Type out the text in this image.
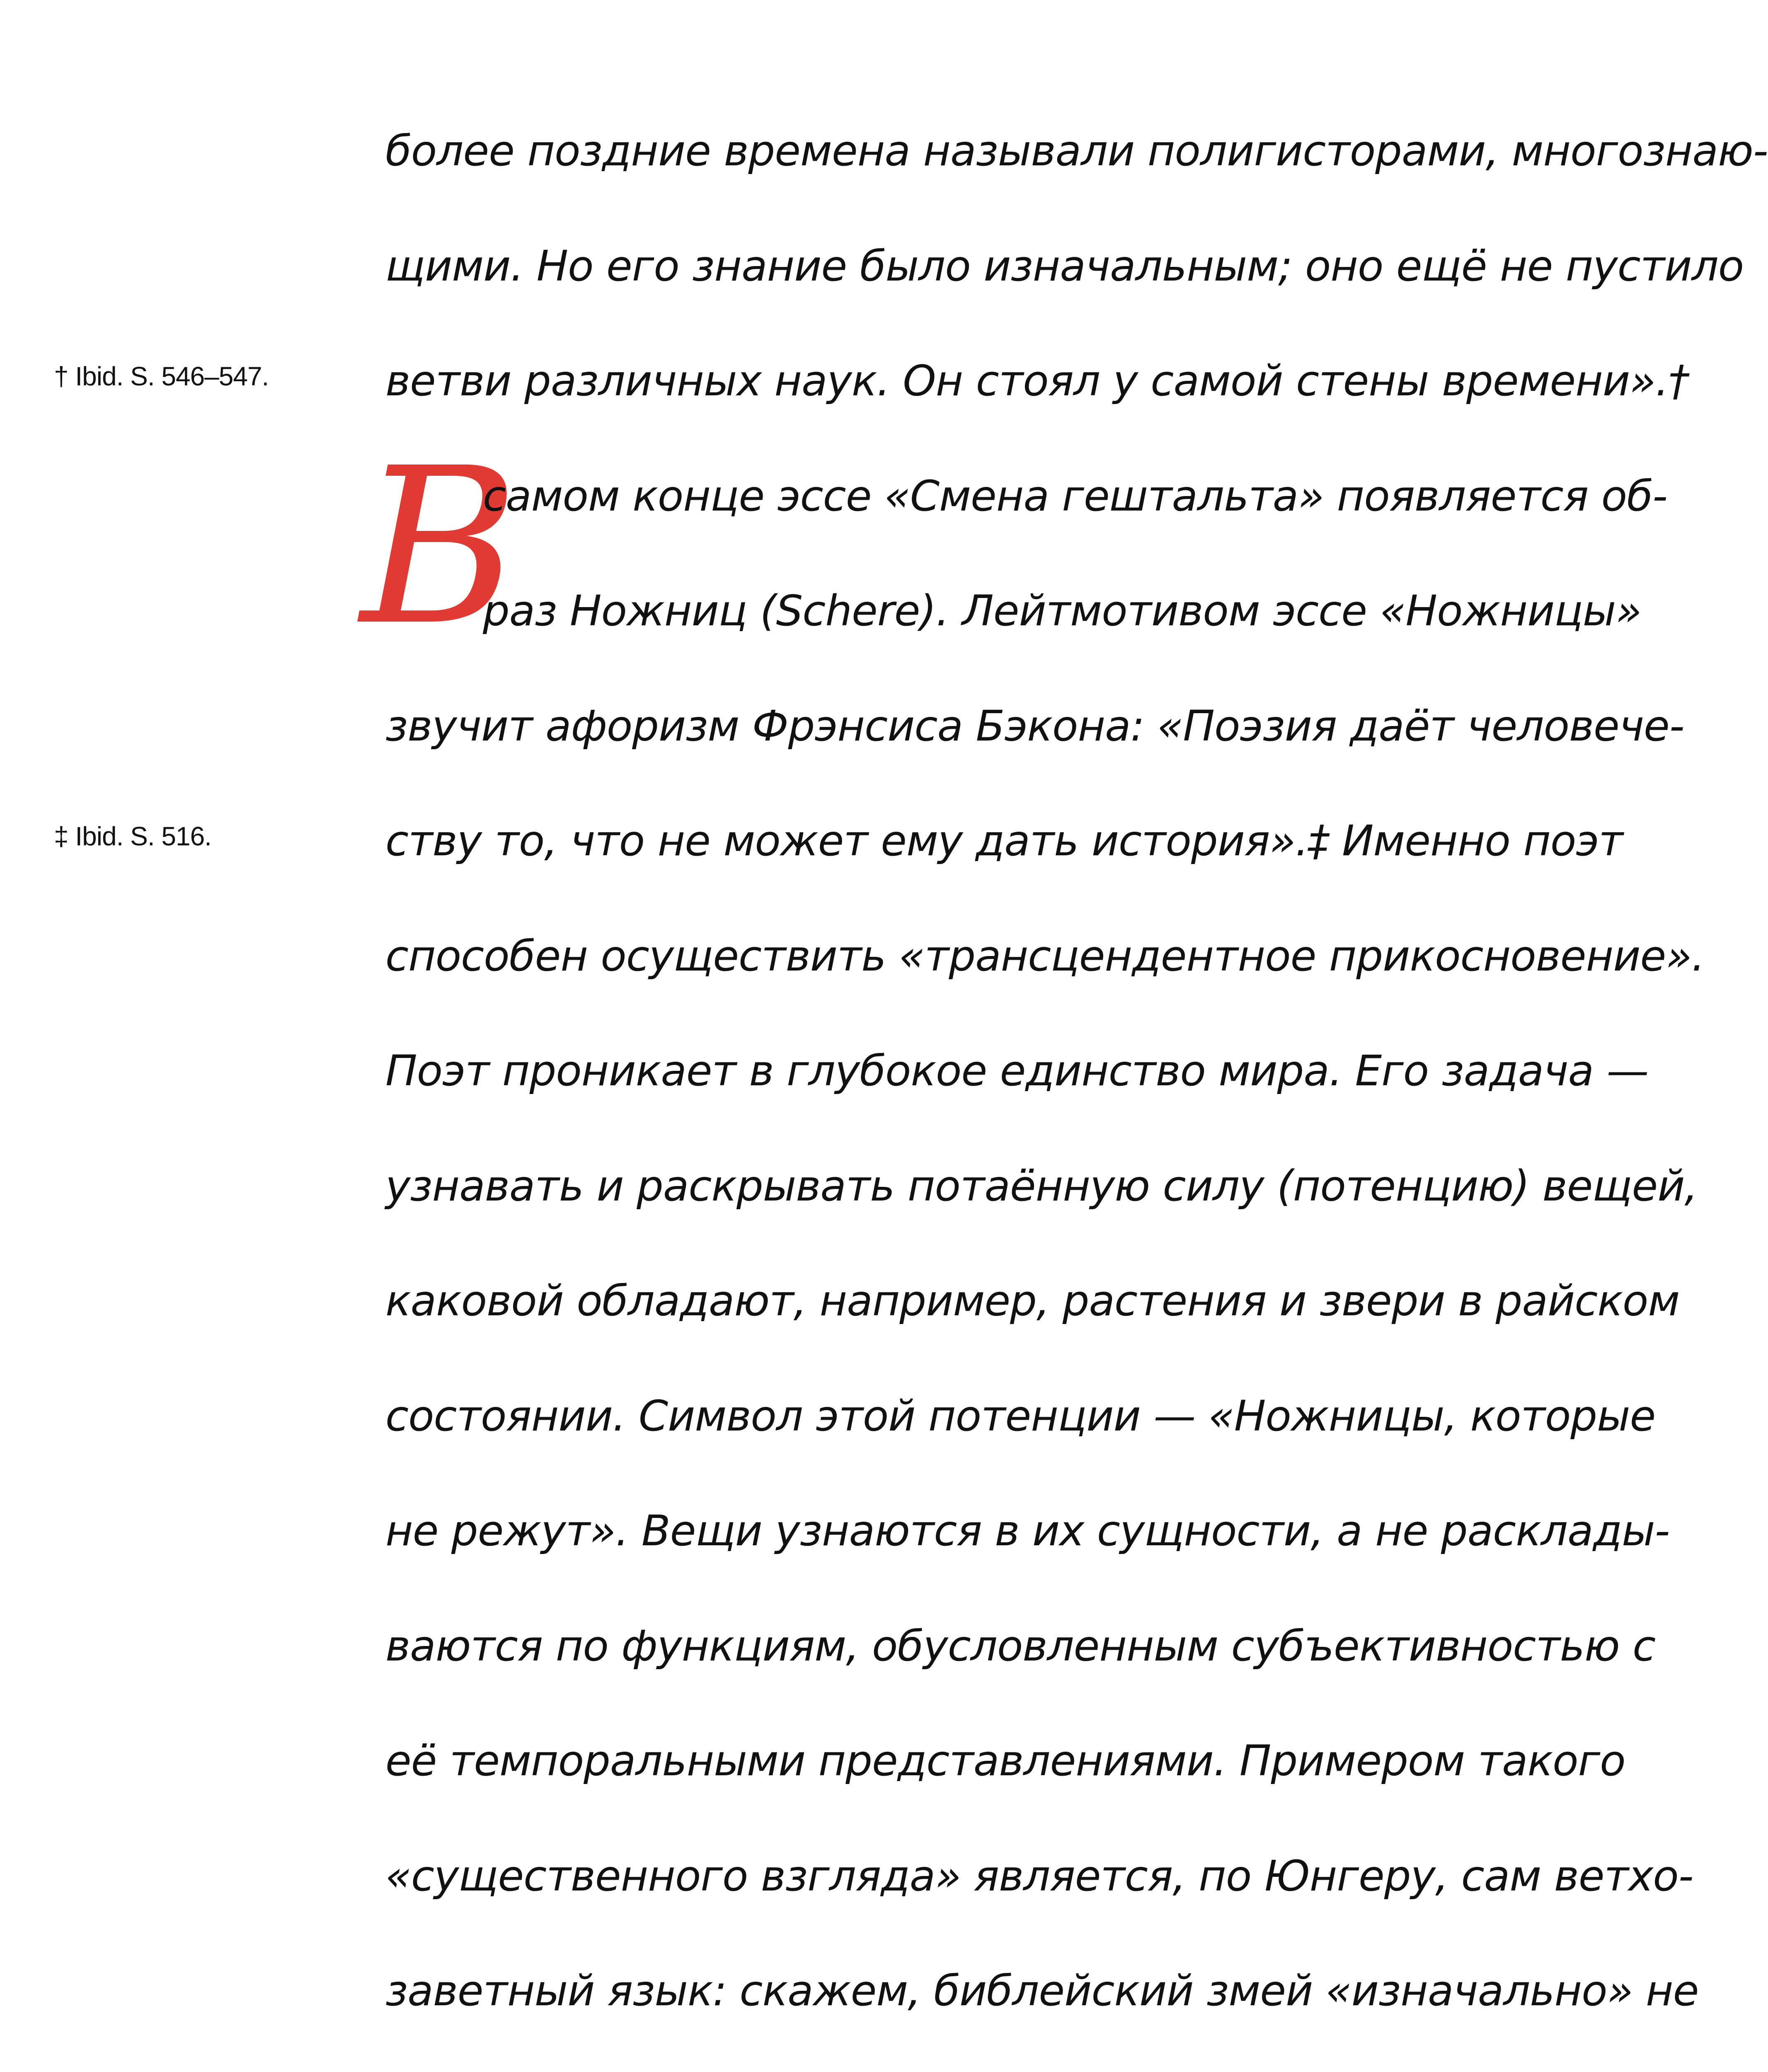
† Ibid. S. 546–547.
‡ Ibid. S. 516.
В
более поздние времена называли полигисторами, многознаю-
щими. Но его знание было изначальным; оно ещё не пустило
ветви различных наук. Он стоял у самой стены времени».†
самом конце эссе «Смена гештальта» появляется об-
раз Ножниц (Schere). Лейтмотивом эссе «Ножницы»
звучит афоризм Фрэнсиса Бэкона: «Поэзия даёт человече-
ству то, что не может ему дать история».‡ Именно поэт
способен осуществить «трансцендентное прикосновение».
Поэт проникает в глубокое единство мира. Его задача —
узнавать и раскрывать потаённую силу (потенцию) вещей,
каковой обладают, например, растения и звери в райском
состоянии. Символ этой потенции — «Ножницы, которые
не режут». Вещи узнаются в их сущности, а не расклады-
ваются по функциям, обусловленным субъективностью с
её темпоральными представлениями. Примером такого
«существенного взгляда» является, по Юнгеру, сам ветхо-
заветный язык: скажем, библейский змей «изначально» не
